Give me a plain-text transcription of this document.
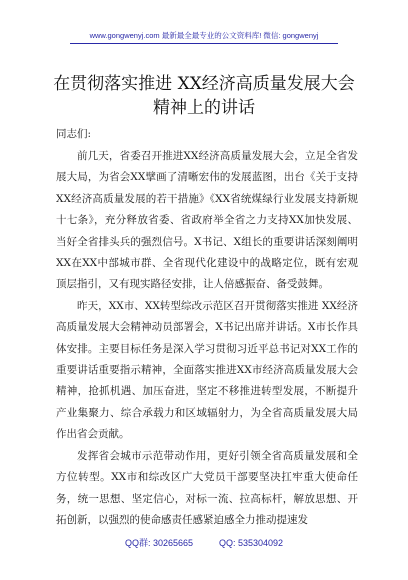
www.gongwenyj.com 最新最全最专业的公文资料库! 微信: gongwenyj
在贯彻落实推进 XX经济高质量发展大会精神上的讲话
同志们:

前几天，省委召开推进XX经济高质量发展大会，立足全省发展大局，为省会XX擘画了清晰宏伟的发展蓝图，出台《关于支持XX经济高质量发展的若干措施》《XX省统煤绿行业发展支持新规十七条》，充分释放省委、省政府举全省之力支持XX加快发展、当好全省排头兵的强烈信号。X书记、X组长的重要讲话深刻阐明 XX在XX中部城市群、全省现代化建设中的战略定位，既有宏观顶层指引，又有现实路径安排，让人倍感振奋、备受鼓舞。

昨天，XX市、XX转型综改示范区召开贯彻落实推进 XX经济高质量发展大会精神动员部署会，X书记出席并讲话。X市长作具体安排。主要目标任务是深入学习贯彻习近平总书记对XX工作的重要讲话重要指示精神，全面落实推进XX市经济高质量发展大会精神，抢抓机遇、加压奋进，坚定不移推进转型发展，不断提升产业集聚力、综合承载力和区域辐射力，为全省高质量发展大局作出省会贡献。

发挥省会城市示范带动作用，更好引领全省高质量发展和全方位转型。XX市和综改区广大党员干部要坚决扛牢重大使命任务，统一思想、坚定信心，对标一流、拉高标杆，解放思想、开拓创新，以强烈的使命感责任感紧迫感全力推动提速发

QQ群: 30265665	QQ: 535304092
